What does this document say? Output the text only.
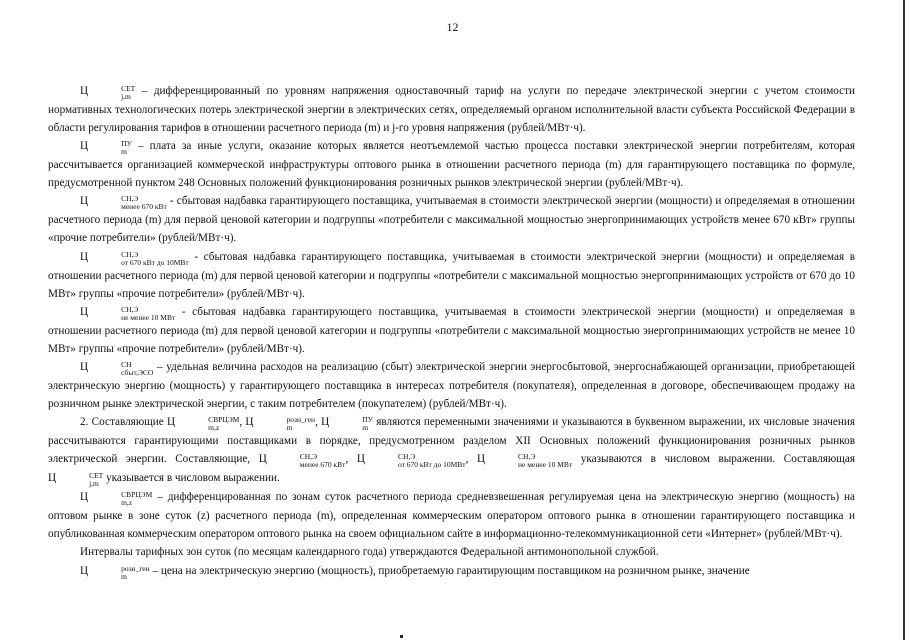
12

Ц	СЕТ
j,m – дифференцированный по уровням напряжения одноставочный тариф на услуги по передаче электрической энергии с учетом стоимости нормативных технологических потерь электрической энергии в электрических сетях, определяемый органом исполнительной власти субъекта Российской Федерации в области регулирования тарифов в отношении расчетного периода (m) и j-го уровня напряжения (рублей/МВт·ч).

Ц	ПУ
m – плата за иные услуги, оказание которых является неотъемлемой частью процесса поставки электрической энергии потребителям, которая рассчитывается организацией коммерческой инфраструктуры оптового рынка в отношении расчетного периода (m) для гарантирующего поставщика по формуле, предусмотренной пунктом 248 Основных положений функционирования розничных рынков электрической энергии (рублей/МВт·ч).

Ц	СН,Э
менее 670 кВт - сбытовая надбавка гарантирующего поставщика, учитываемая в стоимости электрической энергии (мощности) и определяемая в отношении расчетного периода (m) для первой ценовой категории и подгруппы «потребители с максимальной мощностью энергопринимающих устройств менее 670 кВт» группы «прочие потребители» (рублей/МВт·ч).

Ц	СН,Э
от 670 кВт до 10МВт - сбытовая надбавка гарантирующего поставщика, учитываемая в стоимости электрической энергии (мощности) и определяемая в отношении расчетного периода (m) для первой ценовой категории и подгруппы «потребители с максимальной мощностью энергопринимающих устройств от 670 до 10 МВт» группы «прочие потребители» (рублей/МВт·ч).

Ц	СН,Э
не менее 10 МВт - сбытовая надбавка гарантирующего поставщика, учитываемая в стоимости электрической энергии (мощности) и определяемая в отношении расчетного периода (m) для первой ценовой категории и подгруппы «потребители с максимальной мощностью энергопринимающих устройств не менее 10 МВт» группы «прочие потребители» (рублей/МВт·ч).

Ц	СН
сбыт,ЭСО – удельная величина расходов на реализацию (сбыт) электрической энергии энергосбытовой, энергоснабжающей организации, приобретающей электрическую энергию (мощность) у гарантирующего поставщика в интересах потребителя (покупателя), определенная в договоре, обеспечивающем продажу на розничном рынке электрической энергии, с таким потребителем (покупателем) (рублей/МВт·ч).

2. Составляющие Ц	СВРЦЭМ
m,z	, Ц	розн_ген
m	, Ц	ПУ
m являются переменными значениями и указываются в буквенном выражении, их числовые значения рассчитываются гарантирующими поставщиками в порядке, предусмотренном разделом XII Основных положений функционирования розничных рынков электрической энергии. Составляющие, Ц	СН,Э
менее 670 кВт , Ц	СН,Э
от 670 кВт до 10МВт , Ц	СН,Э
не менее 10 МВт указываются в числовом выражении. Составляющая Ц	СЕТ
j,m указывается в числовом выражении.

Ц	СВРЦЭМ
m,z	– дифференцированная по зонам суток расчетного периода средневзвешенная регулируемая цена на электрическую энергию (мощность) на оптовом рынке в зоне суток (z) расчетного периода (m), определенная коммерческим оператором оптового рынка в отношении гарантирующего поставщика и опубликованная коммерческим оператором оптового рынка на своем официальном сайте в информационно-телекоммуникационной сети «Интернет» (рублей/МВт·ч).

Интервалы тарифных зон суток (по месяцам календарного года) утверждаются Федеральной антимонопольной службой.

Ц	розн_ген
m	– цена на электрическую энергию (мощность), приобретаемую гарантирующим поставщиком на розничном рынке, значение
